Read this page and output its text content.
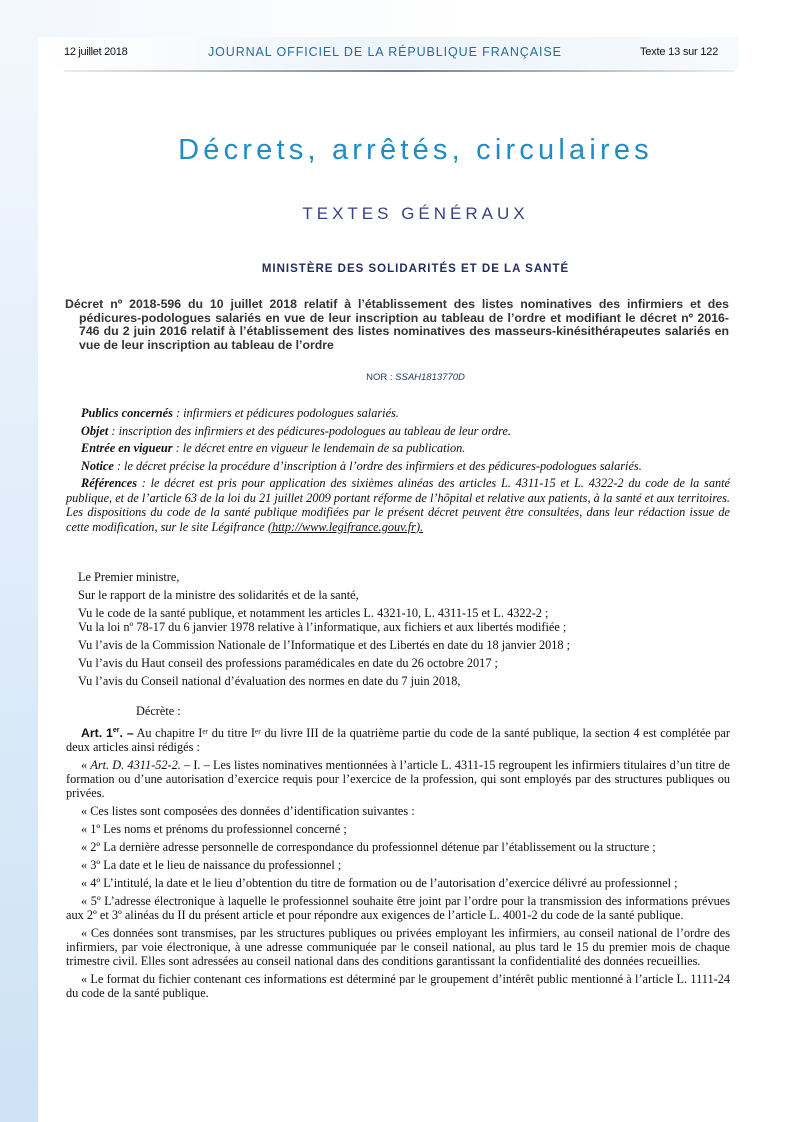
12 juillet 2018	JOURNAL OFFICIEL DE LA RÉPUBLIQUE FRANÇAISE	Texte 13 sur 122
Décrets, arrêtés, circulaires
TEXTES GÉNÉRAUX
MINISTÈRE DES SOLIDARITÉS ET DE LA SANTÉ
Décret nº 2018-596 du 10 juillet 2018 relatif à l’établissement des listes nominatives des infirmiers et des pédicures-podologues salariés en vue de leur inscription au tableau de l’ordre et modifiant le décret nº 2016-746 du 2 juin 2016 relatif à l’établissement des listes nominatives des masseurs-kinésithérapeutes salariés en vue de leur inscription au tableau de l’ordre
NOR : SSAH1813770D

Publics concernés : infirmiers et pédicures podologues salariés.

Objet : inscription des infirmiers et des pédicures-podologues au tableau de leur ordre.

Entrée en vigueur : le décret entre en vigueur le lendemain de sa publication.

Notice : le décret précise la procédure d’inscription à l’ordre des infirmiers et des pédicures-podologues salariés.

Références : le décret est pris pour application des sixièmes alinéas des articles L. 4311-15 et L. 4322-2 du code de la santé publique, et de l’article 63 de la loi du 21 juillet 2009 portant réforme de l’hôpital et relative aux patients, à la santé et aux territoires. Les dispositions du code de la santé publique modifiées par le présent décret peuvent être consultées, dans leur rédaction issue de cette modification, sur le site Légifrance (http://www.legifrance.gouv.fr).

Le Premier ministre,

Sur le rapport de la ministre des solidarités et de la santé,

Vu le code de la santé publique, et notamment les articles L. 4321-10, L. 4311-15 et L. 4322-2 ;

Vu la loi nº 78-17 du 6 janvier 1978 relative à l’informatique, aux fichiers et aux libertés modifiée ;

Vu l’avis de la Commission Nationale de l’Informatique et des Libertés en date du 18 janvier 2018 ;

Vu l’avis du Haut conseil des professions paramédicales en date du 26 octobre 2017 ;

Vu l’avis du Conseil national d’évaluation des normes en date du 7 juin 2018,

Décrète :

Art. 1er. – Au chapitre Iᵉʳ du titre Iᵉʳ du livre III de la quatrième partie du code de la santé publique, la section 4 est complétée par deux articles ainsi rédigés :

« Art. D. 4311-52-2. – I. – Les listes nominatives mentionnées à l’article L. 4311-15 regroupent les infirmiers titulaires d’un titre de formation ou d’une autorisation d’exercice requis pour l’exercice de la profession, qui sont employés par des structures publiques ou privées.

« Ces listes sont composées des données d’identification suivantes :

« 1º Les noms et prénoms du professionnel concerné ;

« 2º La dernière adresse personnelle de correspondance du professionnel détenue par l’établissement ou la structure ;

« 3º La date et le lieu de naissance du professionnel ;

« 4º L’intitulé, la date et le lieu d’obtention du titre de formation ou de l’autorisation d’exercice délivré au professionnel ;

« 5º L’adresse électronique à laquelle le professionnel souhaite être joint par l’ordre pour la transmission des informations prévues aux 2º et 3º alinéas du II du présent article et pour répondre aux exigences de l’article L. 4001-2 du code de la santé publique.

« Ces données sont transmises, par les structures publiques ou privées employant les infirmiers, au conseil national de l’ordre des infirmiers, par voie électronique, à une adresse communiquée par le conseil national, au plus tard le 15 du premier mois de chaque trimestre civil. Elles sont adressées au conseil national dans des conditions garantissant la confidentialité des données recueillies.

« Le format du fichier contenant ces informations est déterminé par le groupement d’intérêt public mentionné à l’article L. 1111-24 du code de la santé publique.
